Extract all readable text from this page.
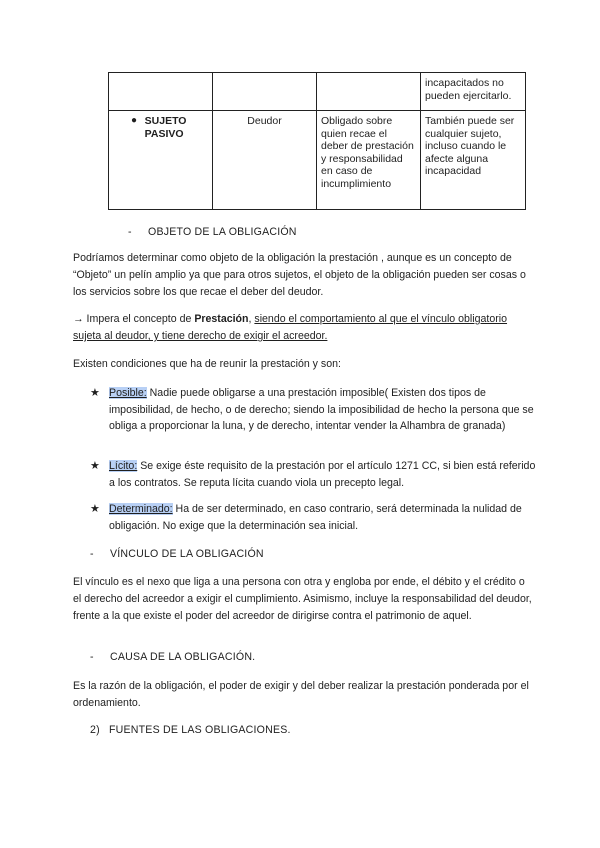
			incapacitados no pueden ejercitarlo.

● SUJETO PASIVO	Deudor	Obligado sobre quien recae el deber de prestación y responsabilidad en caso de incumplimiento	También puede ser cualquier sujeto, incluso cuando le afecte alguna incapacidad
- OBJETO DE LA OBLIGACIÓN
Podríamos determinar como objeto de la obligación la prestación , aunque es un concepto de “Objeto” un pelín amplio ya que para otros sujetos, el objeto de la obligación pueden ser cosas o los servicios sobre los que recae el deber del deudor.
→ Impera el concepto de Prestación, siendo el comportamiento al que el vínculo obligatorio sujeta al deudor, y tiene derecho de exigir el acreedor.
Existen condiciones que ha de reunir la prestación y son:
★ Posible: Nadie puede obligarse a una prestación imposible( Existen dos tipos de imposibilidad, de hecho, o de derecho; siendo la imposibilidad de hecho la persona que se obliga a proporcionar la luna, y de derecho, intentar vender la Alhambra de granada)
★ Lícito: Se exige éste requisito de la prestación por el artículo 1271 CC, si bien está referido a los contratos. Se reputa lícita cuando viola un precepto legal.
★ Determinado: Ha de ser determinado, en caso contrario, será determinada la nulidad de obligación. No exige que la determinación sea inicial.
- VÍNCULO DE LA OBLIGACIÓN
El vínculo es el nexo que liga a una persona con otra y engloba por ende, el débito y el crédito o el derecho del acreedor a exigir el cumplimiento. Asimismo, incluye la responsabilidad del deudor, frente a la que existe el poder del acreedor de dirigirse contra el patrimonio de aquel.
- CAUSA DE LA OBLIGACIÓN.
Es la razón de la obligación, el poder de exigir y del deber realizar la prestación ponderada por el ordenamiento.
2) FUENTES DE LAS OBLIGACIONES.
